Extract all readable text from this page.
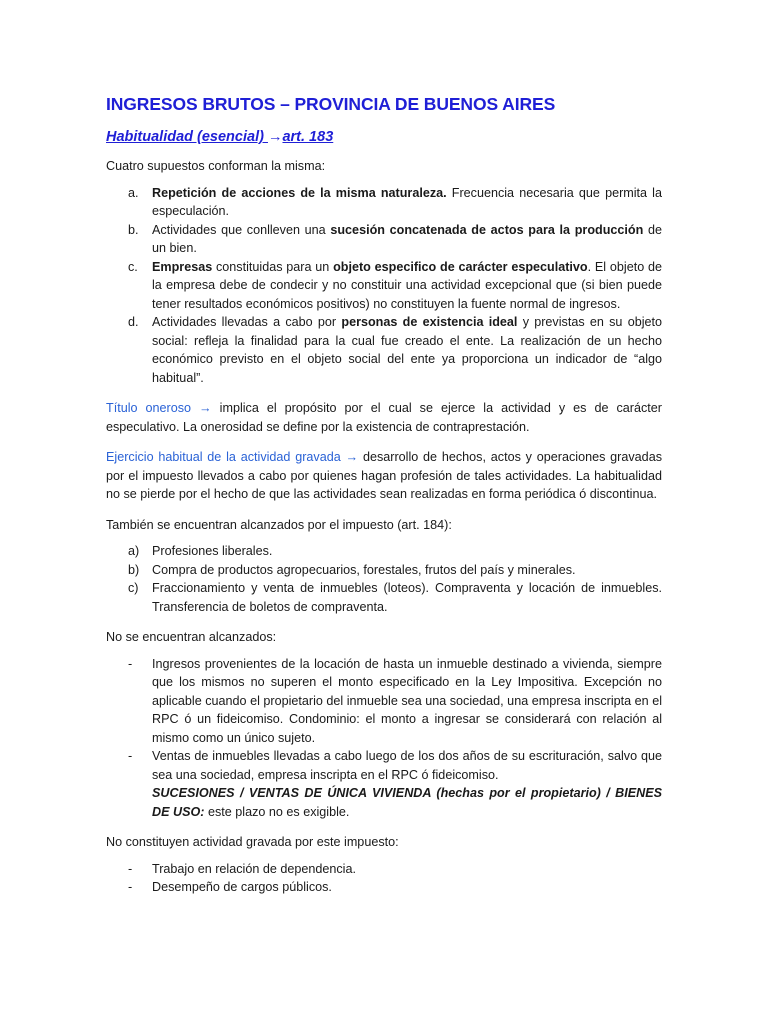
INGRESOS BRUTOS – PROVINCIA DE BUENOS AIRES
Habitualidad (esencial) →art. 183

Cuatro supuestos conforman la misma:

a. Repetición de acciones de la misma naturaleza. Frecuencia necesaria que permita la especulación.
b. Actividades que conlleven una sucesión concatenada de actos para la producción de un bien.
c. Empresas constituidas para un objeto especifico de carácter especulativo. El objeto de la empresa debe de condecir y no constituir una actividad excepcional que (si bien puede tener resultados económicos positivos) no constituyen la fuente normal de ingresos.
d. Actividades llevadas a cabo por personas de existencia ideal y previstas en su objeto social: refleja la finalidad para la cual fue creado el ente. La realización de un hecho económico previsto en el objeto social del ente ya proporciona un indicador de “algo habitual”.

Título oneroso → implica el propósito por el cual se ejerce la actividad y es de carácter especulativo. La onerosidad se define por la existencia de contraprestación.

Ejercicio habitual de la actividad gravada → desarrollo de hechos, actos y operaciones gravadas por el impuesto llevados a cabo por quienes hagan profesión de tales actividades. La habitualidad no se pierde por el hecho de que las actividades sean realizadas en forma periódica ó discontinua.

También se encuentran alcanzados por el impuesto (art. 184):

a) Profesiones liberales.
b) Compra de productos agropecuarios, forestales, frutos del país y minerales.
c) Fraccionamiento y venta de inmuebles (loteos). Compraventa y locación de inmuebles. Transferencia de boletos de compraventa.

No se encuentran alcanzados:

- Ingresos provenientes de la locación de hasta un inmueble destinado a vivienda, siempre que los mismos no superen el monto especificado en la Ley Impositiva. Excepción no aplicable cuando el propietario del inmueble sea una sociedad, una empresa inscripta en el RPC ó un fideicomiso. Condominio: el monto a ingresar se considerará con relación al mismo como un único sujeto.
- Ventas de inmuebles llevadas a cabo luego de los dos años de su escrituración, salvo que sea una sociedad, empresa inscripta en el RPC ó fideicomiso.
SUCESIONES / VENTAS DE ÚNICA VIVIENDA (hechas por el propietario) / BIENES DE USO: este plazo no es exigible.

No constituyen actividad gravada por este impuesto:

- Trabajo en relación de dependencia.
- Desempeño de cargos públicos.
